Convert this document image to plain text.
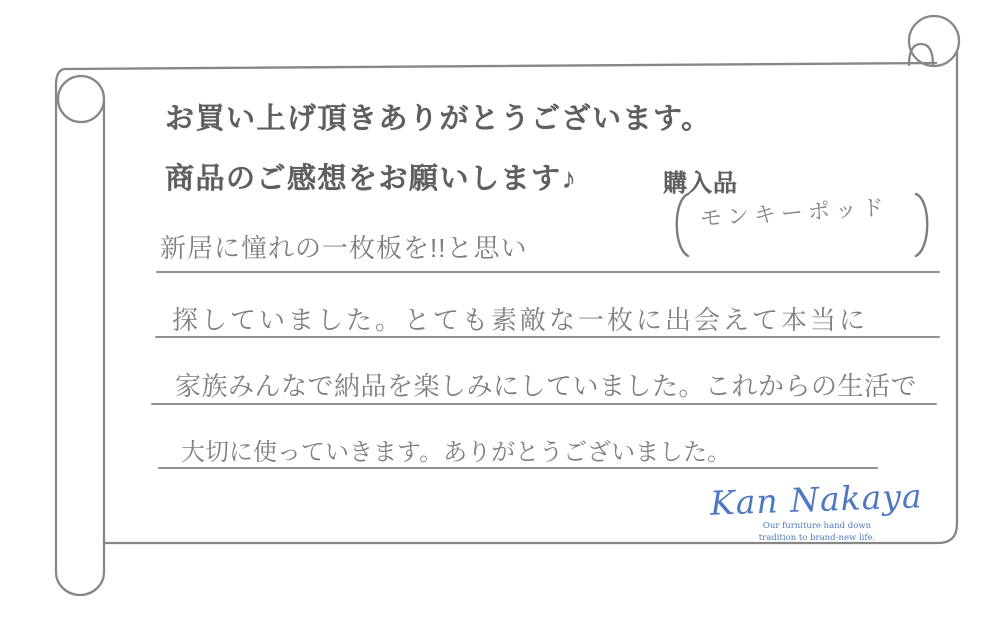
お買い上げ頂きありがとうございます。
商品のご感想をお願いします♪	購入品
モンキーポッド
新居に憧れの一枚板を!!と思い
探していました。とても素敵な一枚に出会えて本当に
家族みんなで納品を楽しみにしていました。これからの生活で
大切に使っていきます。ありがとうございました。
Kan Nakaya
Our furniture hand down
tradition to brand-new life.
